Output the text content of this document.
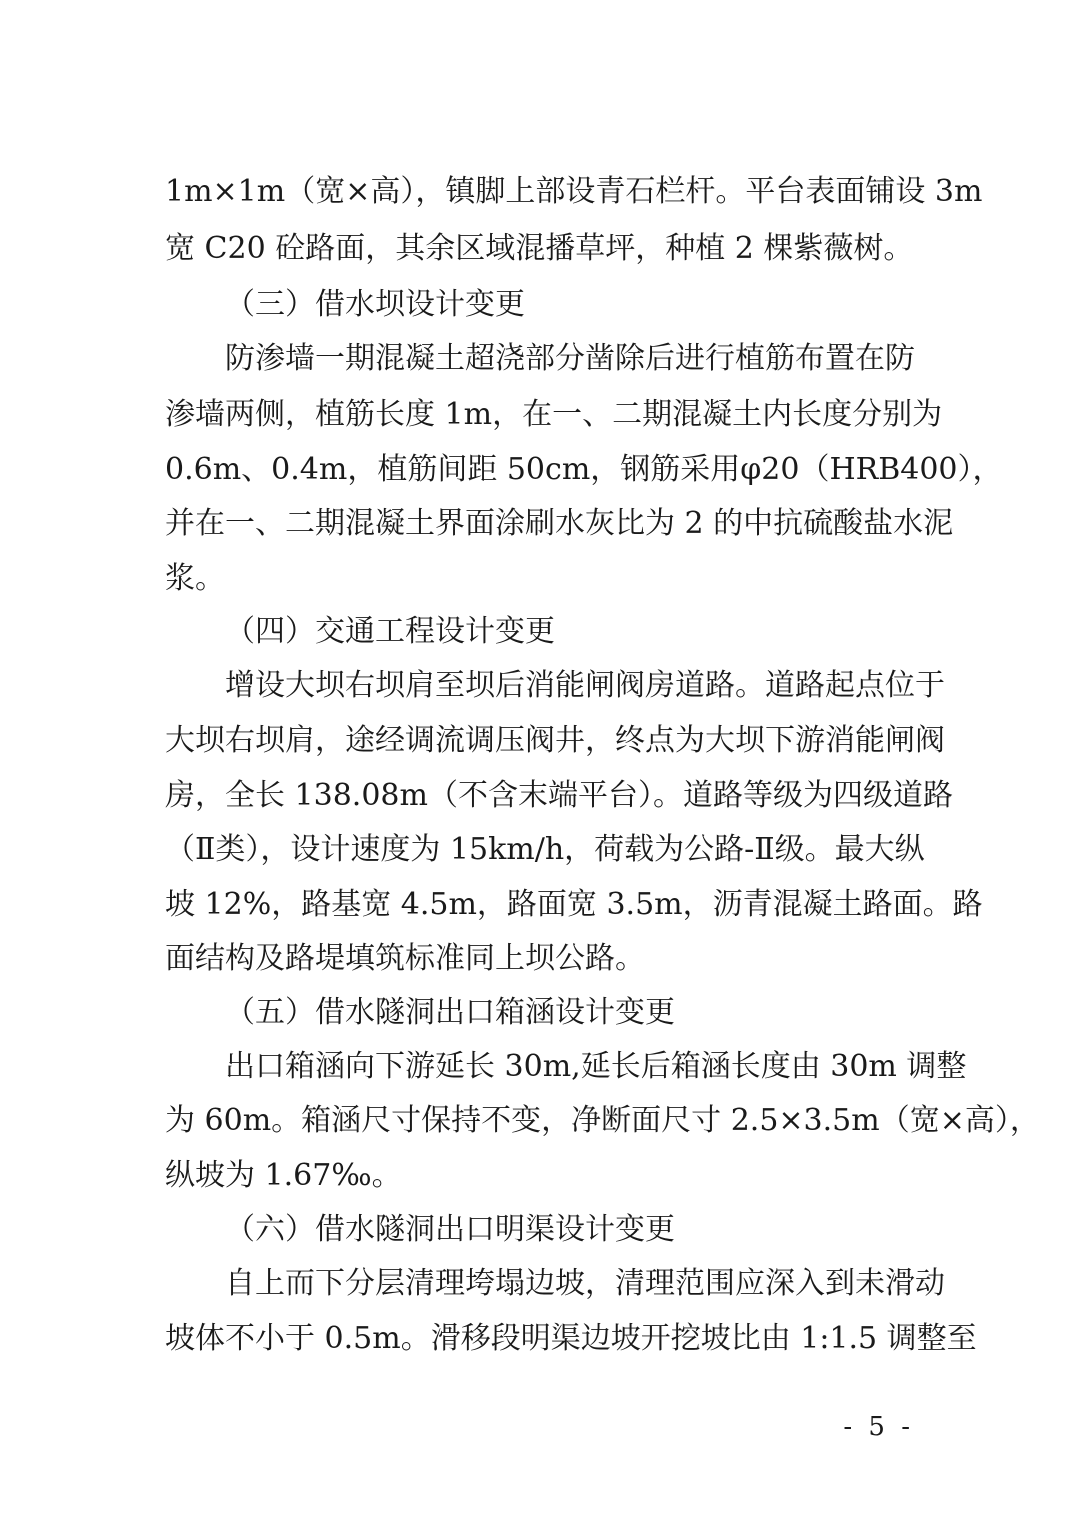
1m×1m（宽×高），镇脚上部设青石栏杆。平台表面铺设 3m
宽 C20 砼路面，其余区域混播草坪，种植 2 棵紫薇树。
（三）借水坝设计变更
防渗墙一期混凝土超浇部分凿除后进行植筋布置在防
渗墙两侧，植筋长度 1m，在一、二期混凝土内长度分别为
0.6m、0.4m，植筋间距 50cm，钢筋采用φ20（HRB400），
并在一、二期混凝土界面涂刷水灰比为 2 的中抗硫酸盐水泥
浆。
（四）交通工程设计变更
增设大坝右坝肩至坝后消能闸阀房道路。道路起点位于
大坝右坝肩，途经调流调压阀井，终点为大坝下游消能闸阀
房，全长 138.08m（不含末端平台）。道路等级为四级道路
（Ⅱ类），设计速度为 15km/h，荷载为公路-Ⅱ级。最大纵
坡 12%，路基宽 4.5m，路面宽 3.5m，沥青混凝土路面。路
面结构及路堤填筑标准同上坝公路。
（五）借水隧洞出口箱涵设计变更
出口箱涵向下游延长 30m,延长后箱涵长度由 30m 调整
为 60m。箱涵尺寸保持不变，净断面尺寸 2.5×3.5m（宽×高），
纵坡为 1.67‰。
（六）借水隧洞出口明渠设计变更
自上而下分层清理垮塌边坡，清理范围应深入到未滑动
坡体不小于 0.5m。滑移段明渠边坡开挖坡比由 1:1.5 调整至
- 5 -
